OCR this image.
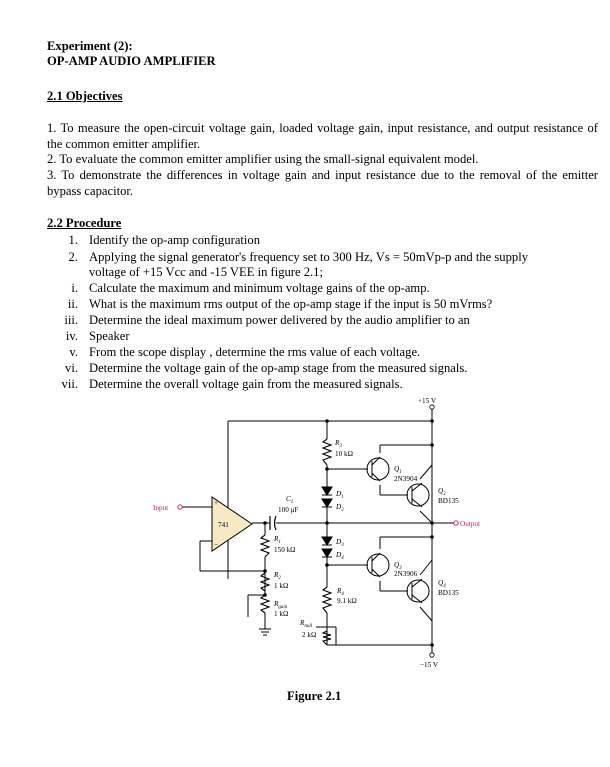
Experiment (2):
OP-AMP AUDIO AMPLIFIER
2.1 Objectives
1. To measure the open-circuit voltage gain, loaded voltage gain, input resistance, and output resistance of the common emitter amplifier.
2. To evaluate the common emitter amplifier using the small-signal equivalent model.
3. To demonstrate the differences in voltage gain and input resistance due to the removal of the emitter bypass capacitor.
2.2 Procedure
1. Identify the op-amp configuration
2. Applying the signal generator's frequency set to 300 Hz, Vs = 50mVp-p and the supply
voltage of +15 Vcc and -15 VEE in figure 2.1;
i. Calculate the maximum and minimum voltage gains of the op-amp.
ii. What is the maximum rms output of the op-amp stage if the input is 50 mVrms?
iii. Determine the ideal maximum power delivered by the audio amplifier to an
iv. Speaker
v. From the scope display , determine the rms value of each voltage.
vi. Determine the voltage gain of the op-amp stage from the measured signals.
vii. Determine the overall voltage gain from the measured signals.
+15 V
−15 V
Input
Output
741
+
−
$R_3$
10 kΩ
$Q_1$
2N3904
$Q_2$
BD135
$Q_3$
2N3906
$Q_4$
BD135
$C_1$
100 μF
$D_1$
$D_2$
$D_3$
$D_4$
$R_1$
150 kΩ
$R_2$
1 kΩ
$R_{gain}$
1 kΩ
$R_4$
9.1 kΩ
$R_{null}$
2 kΩ
Figure 2.1
